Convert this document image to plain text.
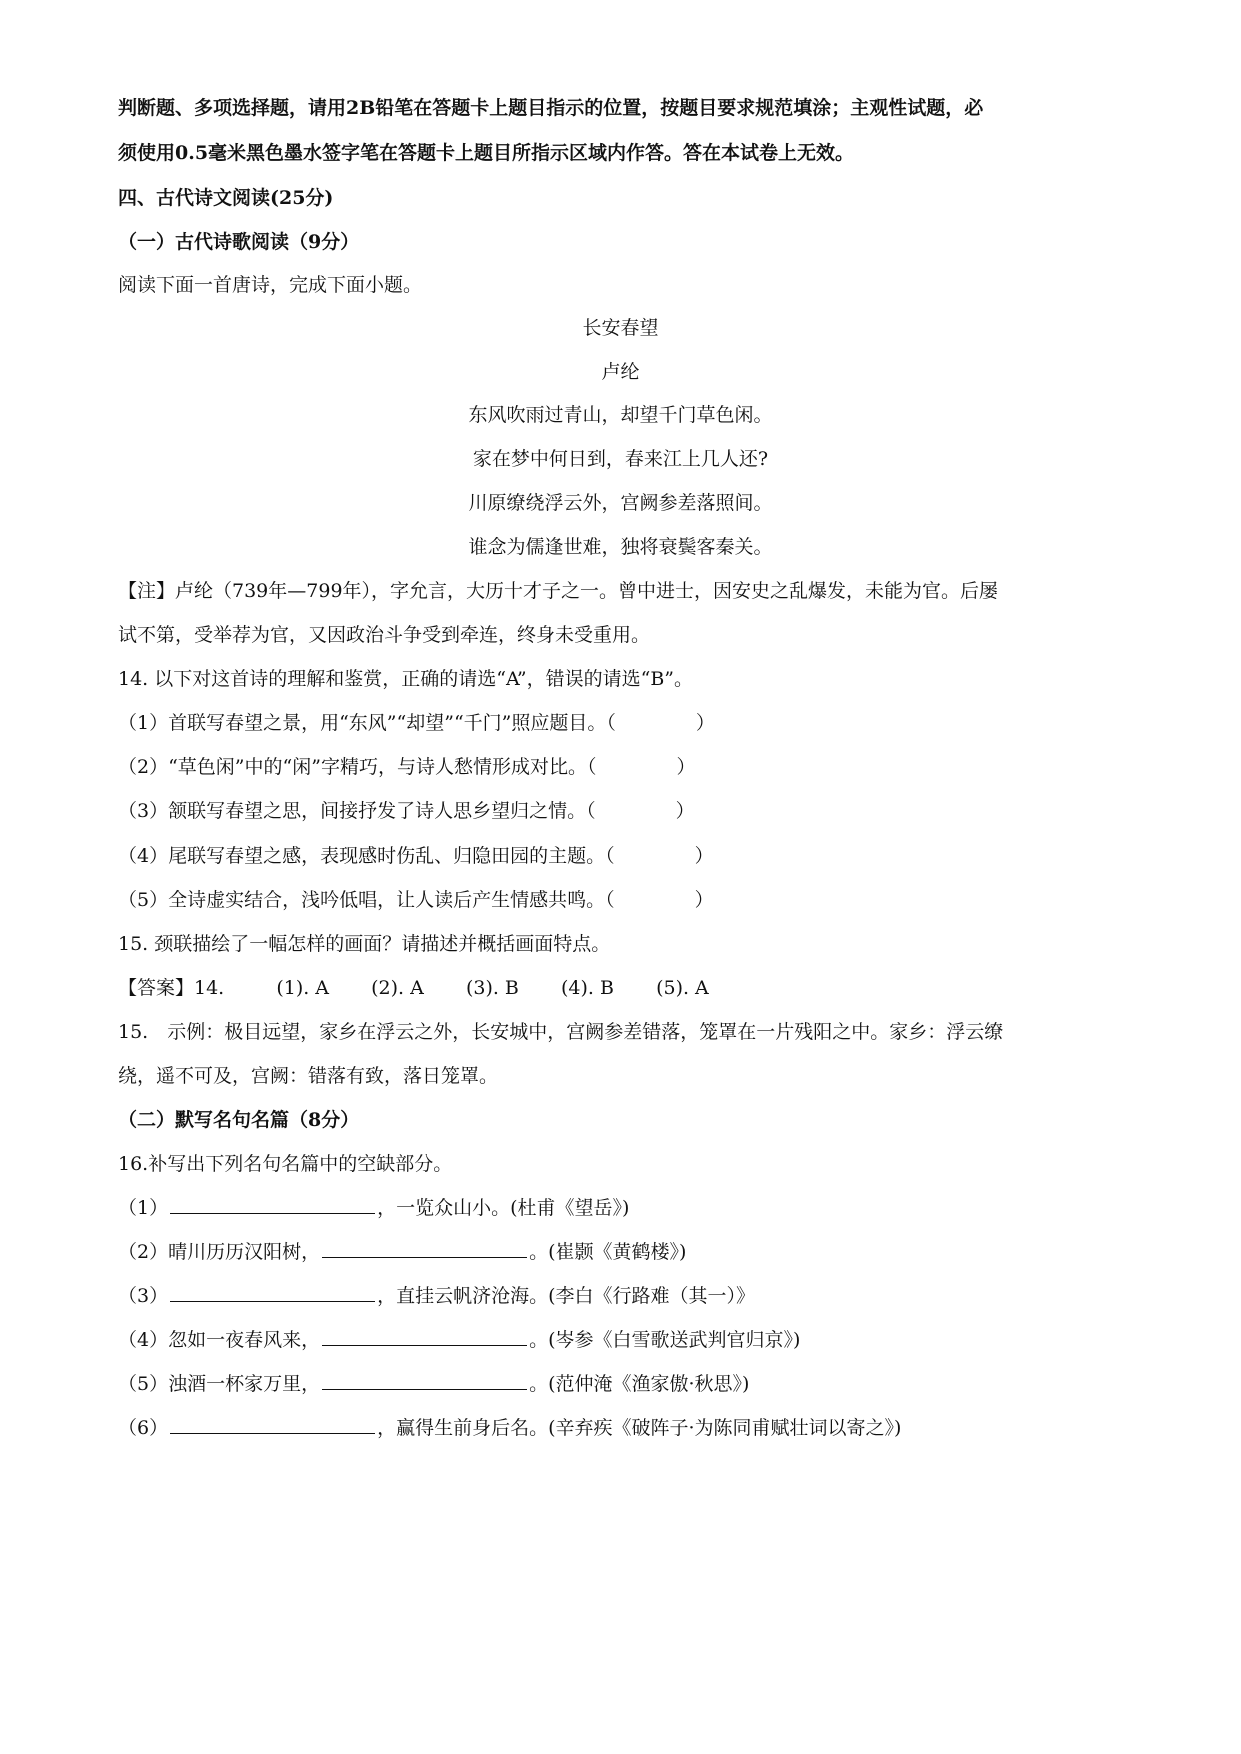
判断题、多项选择题，请用2B铅笔在答题卡上题目指示的位置，按题目要求规范填涂；主观性试题，必
须使用0.5毫米黑色墨水签字笔在答题卡上题目所指示区域内作答。答在本试卷上无效。
四、古代诗文阅读(25分)
（一）古代诗歌阅读（9分）
阅读下面一首唐诗，完成下面小题。
长安春望
卢纶
东风吹雨过青山，却望千门草色闲。
家在梦中何日到，春来江上几人还?
川原缭绕浮云外，宫阙参差落照间。
谁念为儒逢世难，独将衰鬓客秦关。
【注】卢纶（739年—799年），字允言，大历十才子之一。曾中进士，因安史之乱爆发，未能为官。后屡
试不第，受举荐为官，又因政治斗争受到牵连，终身未受重用。
14. 以下对这首诗的理解和鉴赏，正确的请选“A”，错误的请选“B”。
（1）首联写春望之景，用“东风”“却望”“千门”照应题目。（	）
（2）“草色闲”中的“闲”字精巧，与诗人愁情形成对比。（	）
（3）颔联写春望之思，间接抒发了诗人思乡望归之情。（	）
（4）尾联写春望之感，表现感时伤乱、归隐田园的主题。（	）
（5）全诗虚实结合，浅吟低唱，让人读后产生情感共鸣。（	）
15. 颈联描绘了一幅怎样的画面？请描述并概括画面特点。
【答案】14.	(1). A (2). A (3). B (4). B (5). A
15.　示例：极目远望，家乡在浮云之外，长安城中，宫阙参差错落，笼罩在一片残阳之中。家乡：浮云缭
绕，遥不可及，宫阙：错落有致，落日笼罩。
（二）默写名句名篇（8分）
16.补写出下列名句名篇中的空缺部分。
（1）	，一览众山小。(杜甫《望岳》)
（2）晴川历历汉阳树，	。(崔颢《黄鹤楼》)
（3）	，直挂云帆济沧海。(李白《行路难（其一）》
（4）忽如一夜春风来，	。(岑参《白雪歌送武判官归京》)
（5）浊酒一杯家万里，	。(范仲淹《渔家傲·秋思》)
（6）	，赢得生前身后名。(辛弃疾《破阵子·为陈同甫赋壮词以寄之》)
